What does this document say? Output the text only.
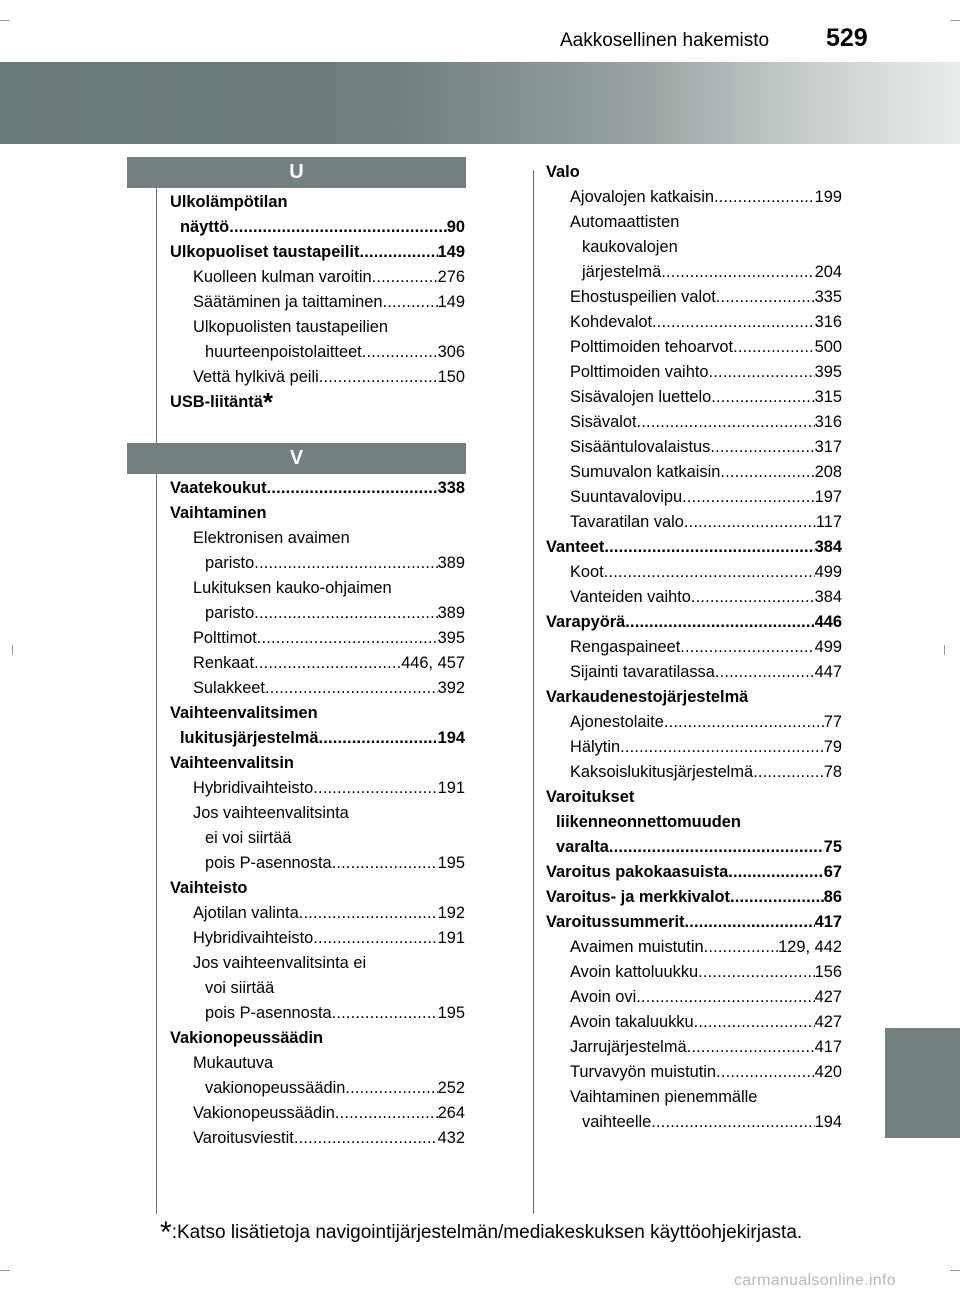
Aakkosellinen hakemisto 529
U
V
Ulkolämpötilan
näyttö .....	90
Ulkopuoliset taustapeilit .....	149
Kuolleen kulman varoitin .....	276
Säätäminen ja taittaminen .....	149
Ulkopuolisten taustapeilien
huurteenpoistolaitteet .....	306
Vettä hylkivä peili .....	150
USB-liitäntä*
Vaatekoukut .....	338
Vaihtaminen
Elektronisen avaimen
paristo .....	389
Lukituksen kauko-ohjaimen
paristo .....	389
Polttimot .....	395
Renkaat .....	446, 457
Sulakkeet .....	392
Vaihteenvalitsimen
lukitusjärjestelmä .....	194
Vaihteenvalitsin
Hybridivaihteisto .....	191
Jos vaihteenvalitsinta
ei voi siirtää
pois P-asennosta .....	195
Vaihteisto
Ajotilan valinta .....	192
Hybridivaihteisto .....	191
Jos vaihteenvalitsinta ei
voi siirtää
pois P-asennosta .....	195
Vakionopeussäädin
Mukautuva
vakionopeussäädin .....	252
Vakionopeussäädin .....	264
Varoitusviestit .....	432
Valo
Ajovalojen katkaisin .....	199
Automaattisten
kaukovalojen
järjestelmä .....	204
Ehostuspeilien valot .....	335
Kohdevalot .....	316
Polttimoiden tehoarvot .....	500
Polttimoiden vaihto .....	395
Sisävalojen luettelo .....	315
Sisävalot .....	316
Sisääntulovalaistus .....	317
Sumuvalon katkaisin .....	208
Suuntavalovipu .....	197
Tavaratilan valo .....	117
Vanteet .....	384
Koot .....	499
Vanteiden vaihto .....	384
Varapyörä .....	446
Rengaspaineet .....	499
Sijainti tavaratilassa .....	447
Varkaudenestojärjestelmä
Ajonestolaite .....	77
Hälytin .....	79
Kaksoislukitusjärjestelmä .....	78
Varoitukset
liikenneonnettomuuden
varalta .....	75
Varoitus pakokaasuista .....	67
Varoitus- ja merkkivalot .....	86
Varoitussummerit .....	417
Avaimen muistutin .....	129, 442
Avoin kattoluukku .....	156
Avoin ovi .....	427
Avoin takaluukku .....	427
Jarrujärjestelmä .....	417
Turvavyön muistutin .....	420
Vaihtaminen pienemmälle
vaihteelle .....	194
*:Katso lisätietoja navigointijärjestelmän/mediakeskuksen käyttöohjekirjasta.
carmanualsonline.info
